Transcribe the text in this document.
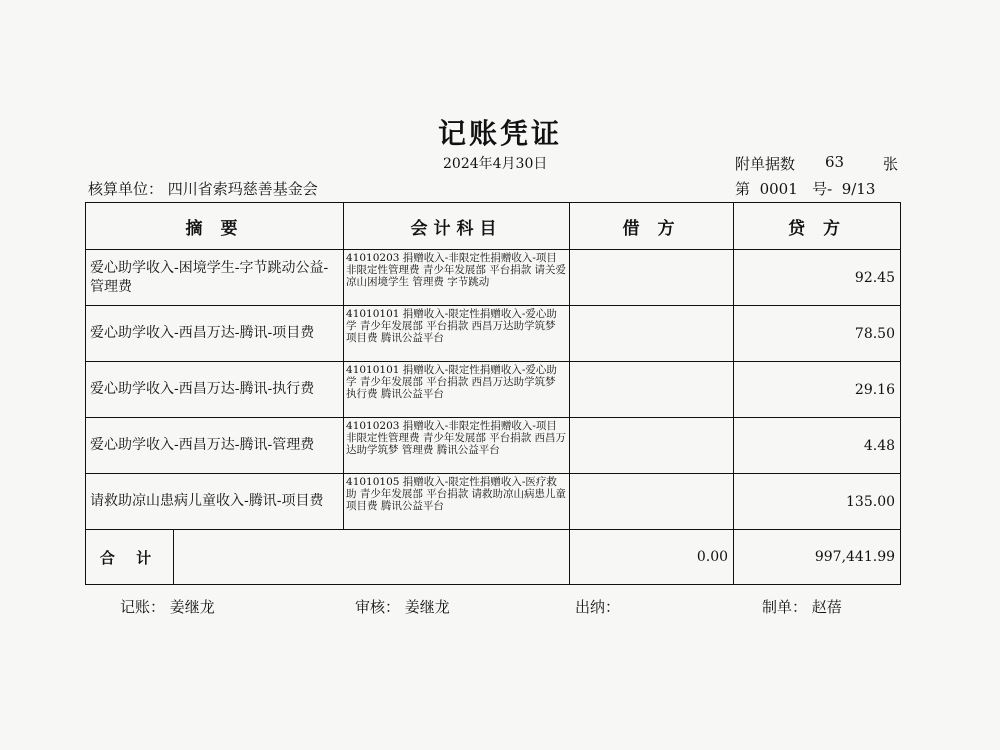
记账凭证
2024年4月30日	附单据数 63	张
核算单位： 四川省索玛慈善基金会	第 0001 号- 9/13
摘 要		会计科目	借 方	贷 方
爱心助学收入-困境学生-字节跳动公益-管理费		41010203 捐赠收入-非限定性捐赠收入-项目非限定性管理费 青少年发展部 平台捐款 请关爱凉山困境学生 管理费 字节跳动		92.45
爱心助学收入-西昌万达-腾讯-项目费		41010101 捐赠收入-限定性捐赠收入-爱心助学 青少年发展部 平台捐款 西昌万达助学筑梦 项目费 腾讯公益平台		78.50
爱心助学收入-西昌万达-腾讯-执行费		41010101 捐赠收入-限定性捐赠收入-爱心助学 青少年发展部 平台捐款 西昌万达助学筑梦 执行费 腾讯公益平台		29.16
爱心助学收入-西昌万达-腾讯-管理费		41010203 捐赠收入-非限定性捐赠收入-项目非限定性管理费 青少年发展部 平台捐款 西昌万达助学筑梦 管理费 腾讯公益平台		4.48
请救助凉山患病儿童收入-腾讯-项目费		41010105 捐赠收入-限定性捐赠收入-医疗救助 青少年发展部 平台捐款 请救助凉山病患儿童 项目费 腾讯公益平台		135.00
合 计			0.00	997,441.99
记账： 姜继龙	审核： 姜继龙	出纳：	制单： 赵蓓
